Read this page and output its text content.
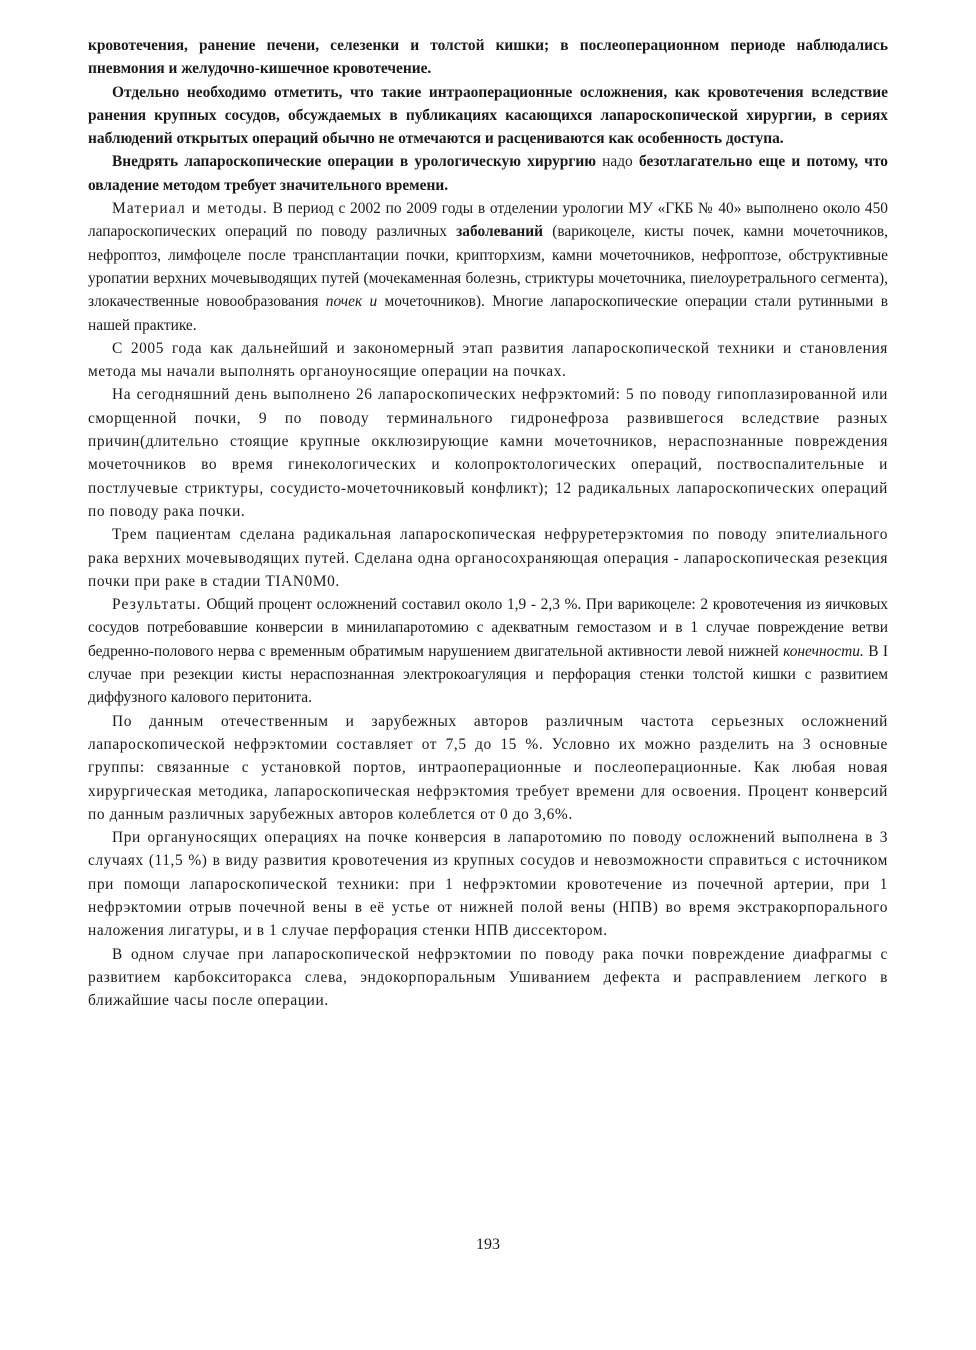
кровотечения, ранение печени, селезенки и толстой кишки; в послеоперационном периоде наблюдались пневмония и желудочно-кишечное кровотечение.

Отдельно необходимо отметить, что такие интраоперационные осложнения, как кровотечения вследствие ранения крупных сосудов, обсуждаемых в публикациях касающихся лапароскопической хирургии, в сериях наблюдений открытых операций обычно не отмечаются и расцениваются как особенность доступа.

Внедрять лапароскопические операции в урологическую хирургию надо безотлагательно еще и потому, что овладение методом требует значительного времени.

Материал и методы. В период с 2002 по 2009 годы в отделении урологии МУ «ГКБ № 40» выполнено около 450 лапароскопических операций по поводу различных заболеваний (варикоцеле, кисты почек, камни мочеточников, нефроптоз, лимфоцеле после трансплантации почки, крипторхизм, камни мочеточников, нефроптозе, обструктивные уропатии верхних мочевыводящих путей (мочекаменная болезнь, стриктуры мочеточника, пиелоуретрального сегмента), злокачественные новообразования почек и мочеточников). Многие лапароскопические операции стали рутинными в нашей практике.

С 2005 года как дальнейший и закономерный этап развития лапароскопической техники и становления метода мы начали выполнять органоуносящие операции на почках.

На сегодняшний день выполнено 26 лапароскопических нефрэктомий: 5 по поводу гипоплазированной или сморщенной почки, 9 по поводу терминального гидронефроза развившегося вследствие разных причин(длительно стоящие крупные окклюзирующие камни мочеточников, нераспознанные повреждения мочеточников во время гинекологических и колопроктологических операций, поствоспалительные и постлучевые стриктуры, сосудисто-мочеточниковый конфликт); 12 радикальных лапароскопических операций по поводу рака почки.

Трем пациентам сделана радикальная лапароскопическая нефруретерэктомия по поводу эпителиального рака верхних мочевыводящих путей. Сделана одна органосохраняющая операция - лапароскопическая резекция почки при раке в стадии TIAN0M0.

Результаты. Общий процент осложнений составил около 1,9 - 2,3 %. При варикоцеле: 2 кровотечения из яичковых сосудов потребовавшие конверсии в минилапаротомию с адекватным гемостазом и в 1 случае повреждение ветви бедренно-полового нерва с временным обратимым нарушением двигательной активности левой нижней конечности. В I случае при резекции кисты нераспознанная электрокоагуляция и перфорация стенки толстой кишки с развитием диффузного калового перитонита.

По данным отечественным и зарубежных авторов различным частота серьезных осложнений лапароскопической нефрэктомии составляет от 7,5 до 15 %. Условно их можно разделить на 3 основные группы: связанные с установкой портов, интраоперационные и послеоперационные. Как любая новая хирургическая методика, лапароскопическая нефрэктомия требует времени для освоения. Процент конверсий по данным различных зарубежных авторов колеблется от 0 до 3,6%.

При органуносящих операциях на почке конверсия в лапаротомию по поводу осложнений выполнена в 3 случаях (11,5 %) в виду развития кровотечения из крупных сосудов и невозможности справиться с источником при помощи лапароскопической техники: при 1 нефрэктомии кровотечение из почечной артерии, при 1 нефрэктомии отрыв почечной вены в её устье от нижней полой вены (НПВ) во время экстракорпорального наложения лигатуры, и в 1 случае перфорация стенки НПВ диссектором.

В одном случае при лапароскопической нефрэктомии по поводу рака почки повреждение диафрагмы с развитием карбокситоракса слева, эндокорпоральным Ушиванием дефекта и расправлением легкого в ближайшие часы после операции.

193
